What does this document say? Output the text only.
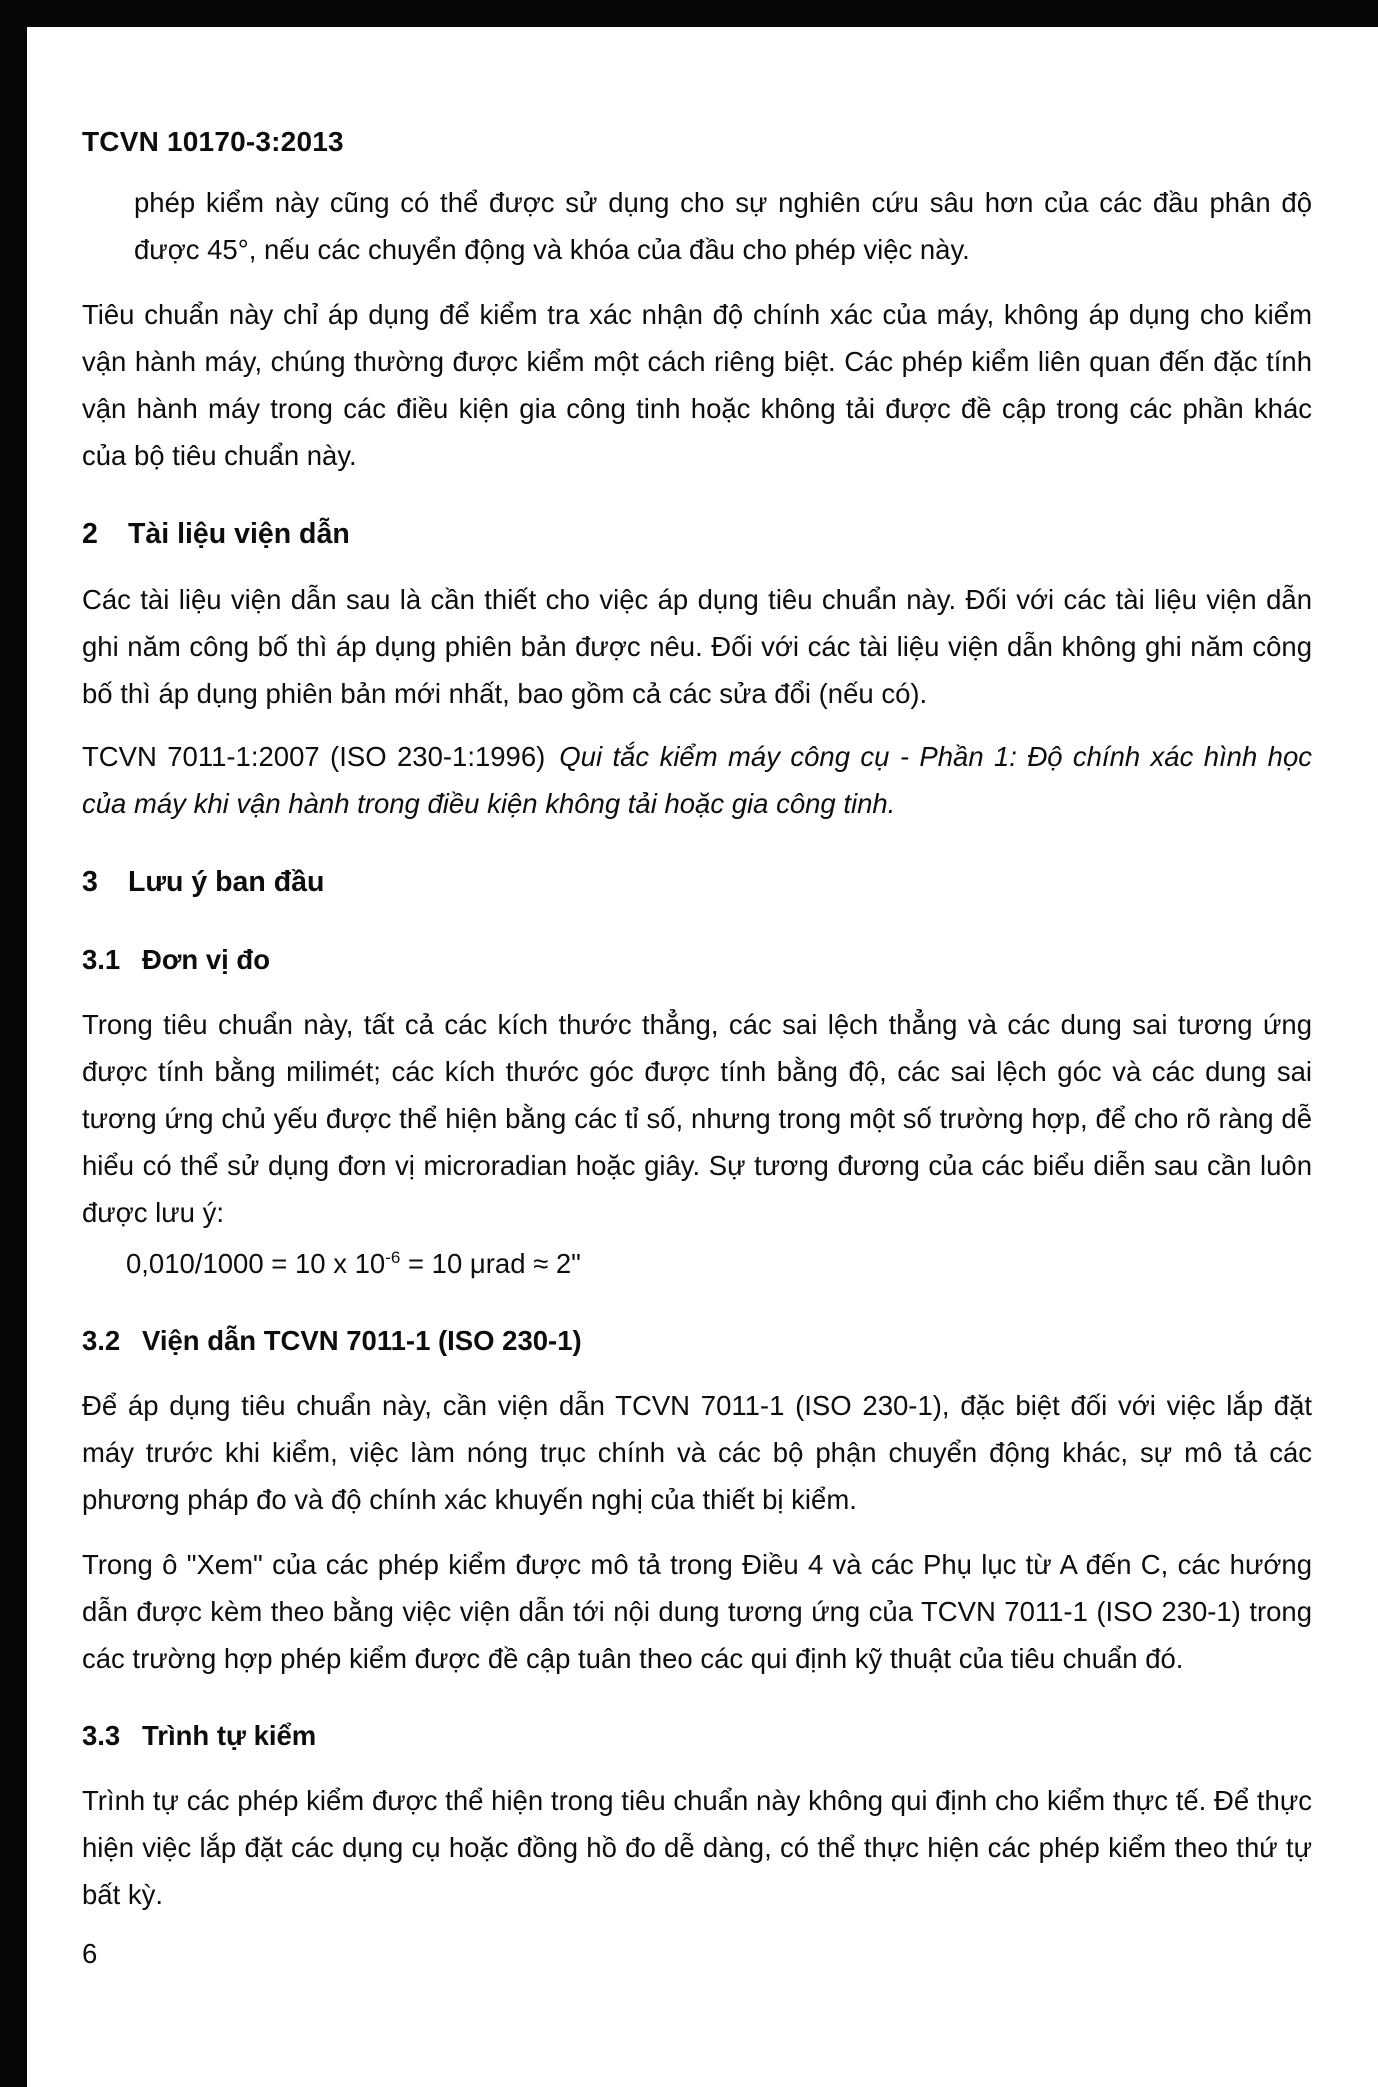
TCVN 10170-3:2013
phép kiểm này cũng có thể được sử dụng cho sự nghiên cứu sâu hơn của các đầu phân độ được 45°, nếu các chuyển động và khóa của đầu cho phép việc này.
Tiêu chuẩn này chỉ áp dụng để kiểm tra xác nhận độ chính xác của máy, không áp dụng cho kiểm vận hành máy, chúng thường được kiểm một cách riêng biệt. Các phép kiểm liên quan đến đặc tính vận hành máy trong các điều kiện gia công tinh hoặc không tải được đề cập trong các phần khác của bộ tiêu chuẩn này.
2 Tài liệu viện dẫn
Các tài liệu viện dẫn sau là cần thiết cho việc áp dụng tiêu chuẩn này. Đối với các tài liệu viện dẫn ghi năm công bố thì áp dụng phiên bản được nêu. Đối với các tài liệu viện dẫn không ghi năm công bố thì áp dụng phiên bản mới nhất, bao gồm cả các sửa đổi (nếu có).
TCVN 7011-1:2007 (ISO 230-1:1996) Qui tắc kiểm máy công cụ - Phần 1: Độ chính xác hình học của máy khi vận hành trong điều kiện không tải hoặc gia công tinh.
3 Lưu ý ban đầu
3.1 Đơn vị đo
Trong tiêu chuẩn này, tất cả các kích thước thẳng, các sai lệch thẳng và các dung sai tương ứng được tính bằng milimét; các kích thước góc được tính bằng độ, các sai lệch góc và các dung sai tương ứng chủ yếu được thể hiện bằng các tỉ số, nhưng trong một số trường hợp, để cho rõ ràng dễ hiểu có thể sử dụng đơn vị microradian hoặc giây. Sự tương đương của các biểu diễn sau cần luôn được lưu ý:
0,010/1000 = 10 x $10^{-6} = 10$ μrad ≈ 2"
3.2 Viện dẫn TCVN 7011-1 (ISO 230-1)
Để áp dụng tiêu chuẩn này, cần viện dẫn TCVN 7011-1 (ISO 230-1), đặc biệt đối với việc lắp đặt máy trước khi kiểm, việc làm nóng trục chính và các bộ phận chuyển động khác, sự mô tả các phương pháp đo và độ chính xác khuyến nghị của thiết bị kiểm.
Trong ô "Xem" của các phép kiểm được mô tả trong Điều 4 và các Phụ lục từ A đến C, các hướng dẫn được kèm theo bằng việc viện dẫn tới nội dung tương ứng của TCVN 7011-1 (ISO 230-1) trong các trường hợp phép kiểm được đề cập tuân theo các qui định kỹ thuật của tiêu chuẩn đó.
3.3 Trình tự kiểm
Trình tự các phép kiểm được thể hiện trong tiêu chuẩn này không qui định cho kiểm thực tế. Để thực hiện việc lắp đặt các dụng cụ hoặc đồng hồ đo dễ dàng, có thể thực hiện các phép kiểm theo thứ tự bất kỳ.
6
